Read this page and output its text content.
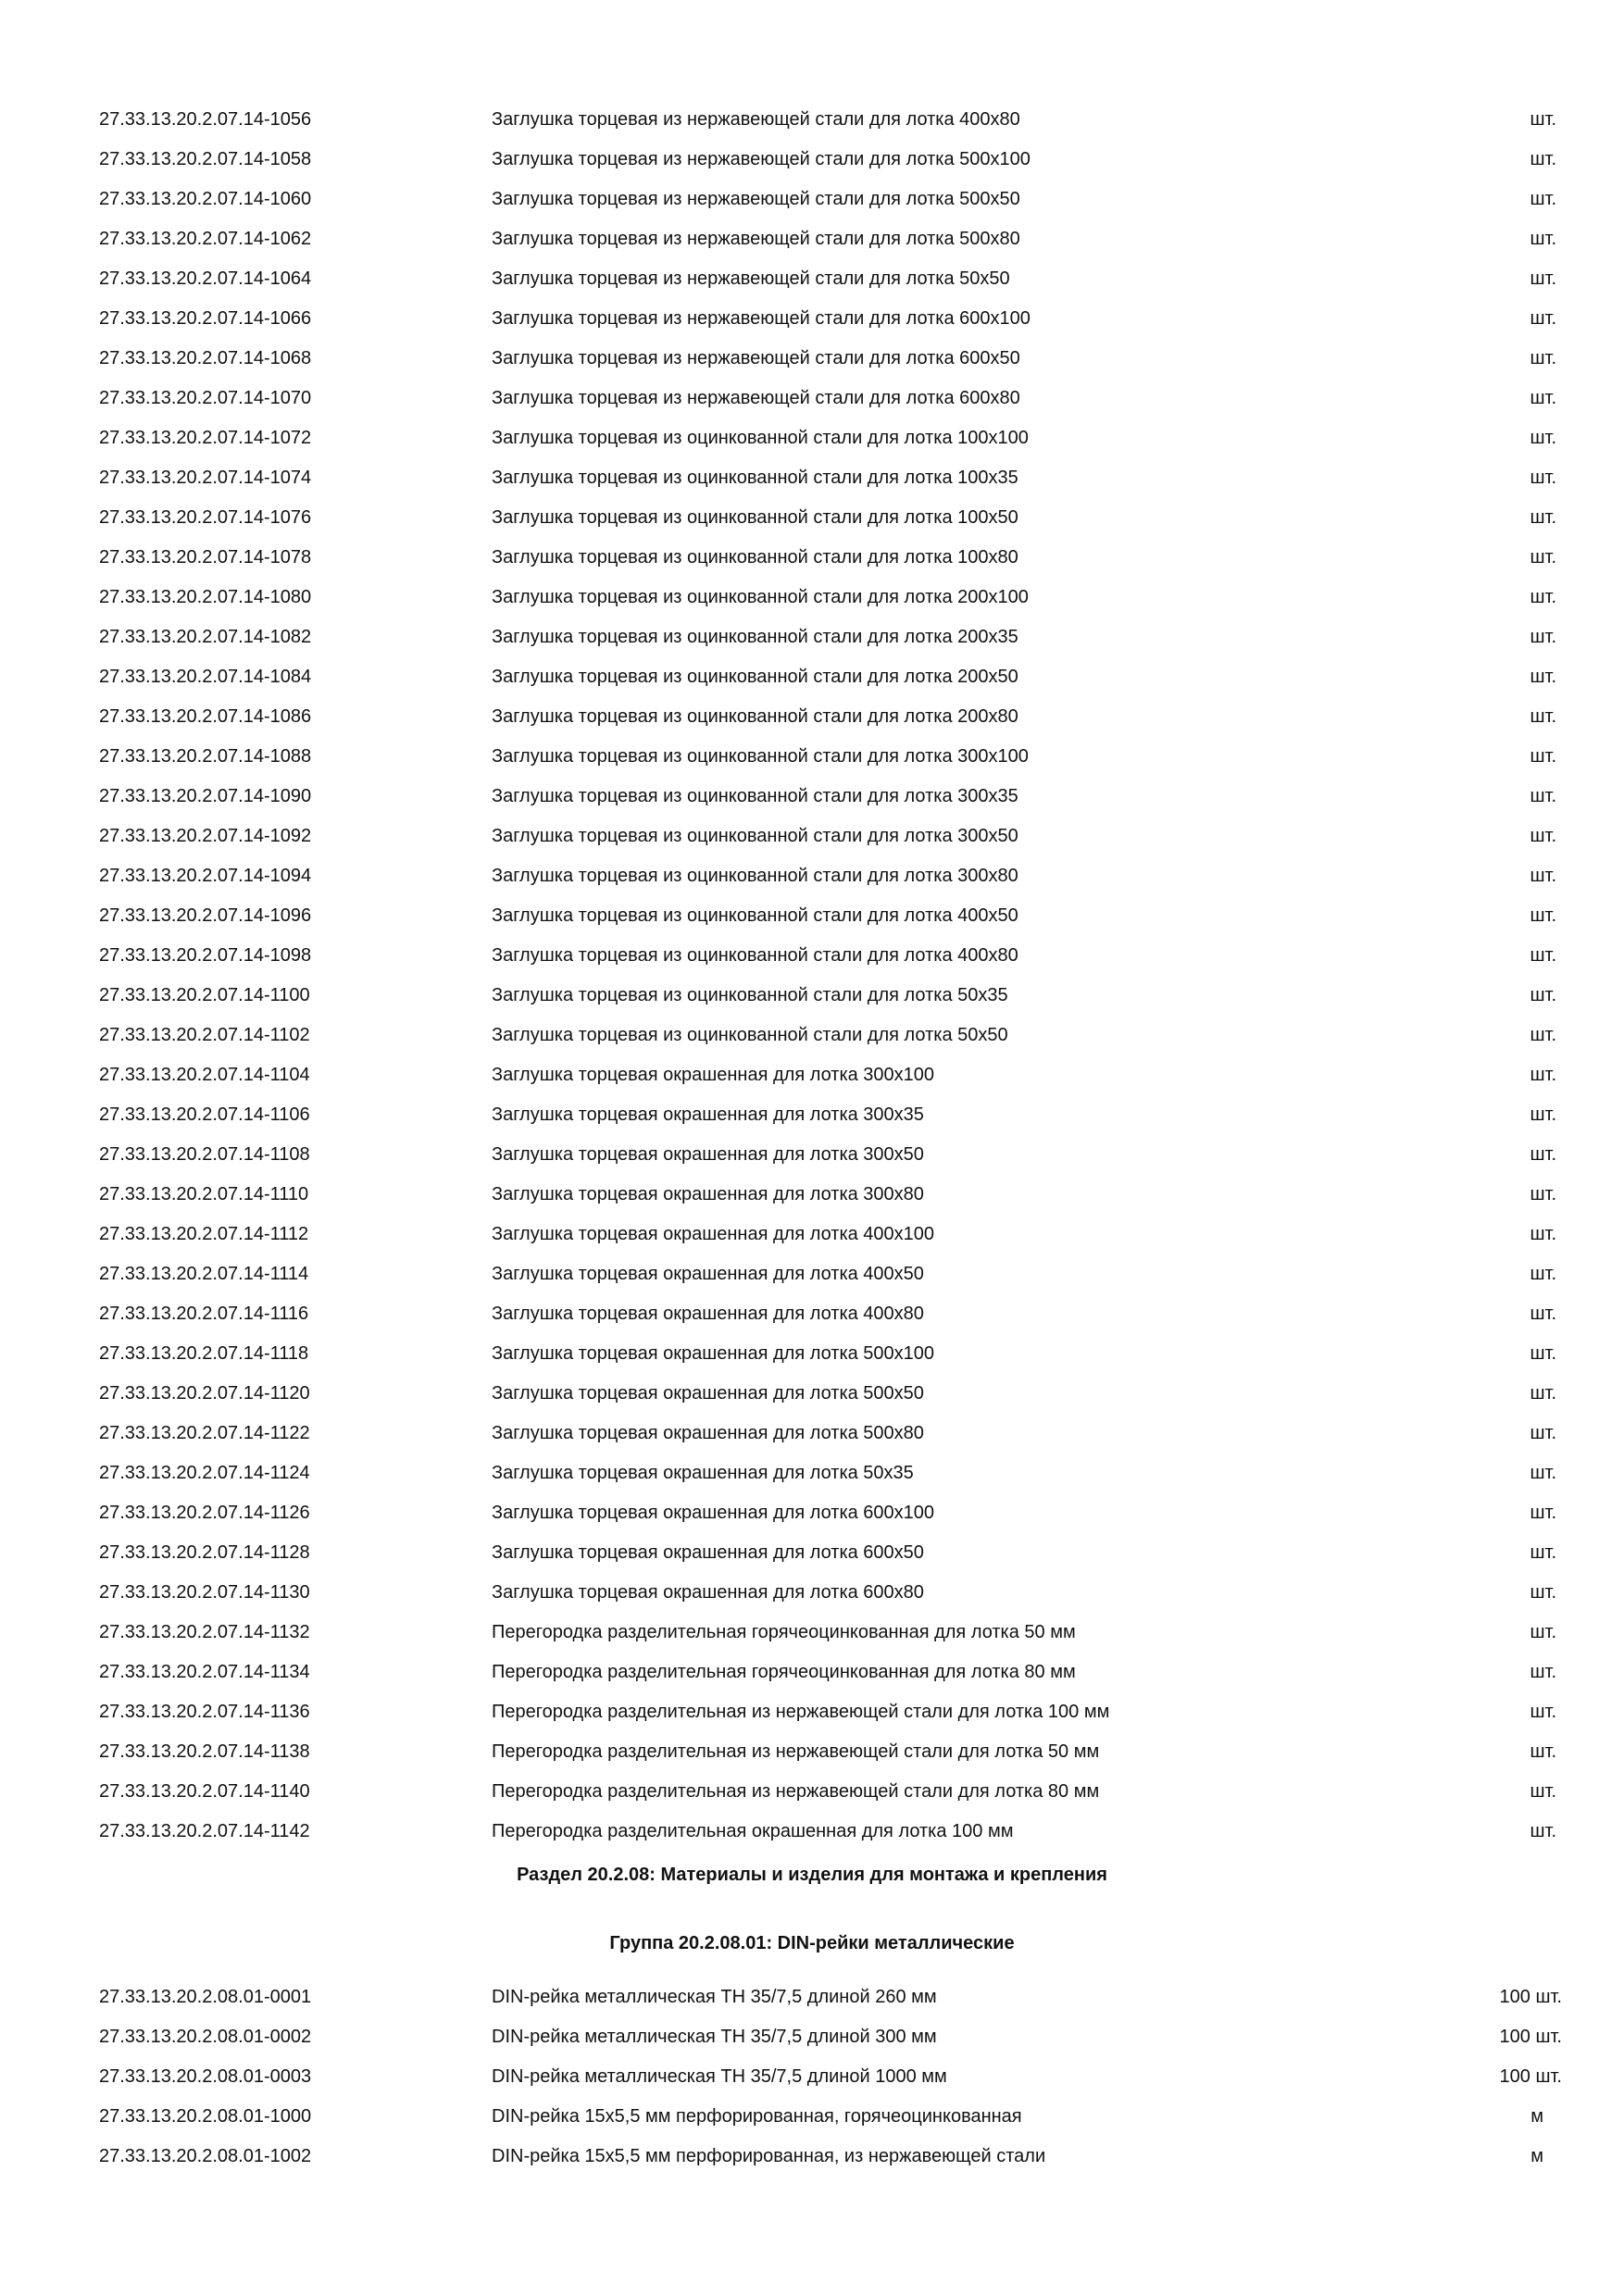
27.33.13.20.2.07.14-1056	Заглушка торцевая из нержавеющей стали для лотка 400х80	шт.
27.33.13.20.2.07.14-1058	Заглушка торцевая из нержавеющей стали для лотка 500х100	шт.
27.33.13.20.2.07.14-1060	Заглушка торцевая из нержавеющей стали для лотка 500х50	шт.
27.33.13.20.2.07.14-1062	Заглушка торцевая из нержавеющей стали для лотка 500х80	шт.
27.33.13.20.2.07.14-1064	Заглушка торцевая из нержавеющей стали для лотка 50х50	шт.
27.33.13.20.2.07.14-1066	Заглушка торцевая из нержавеющей стали для лотка 600х100	шт.
27.33.13.20.2.07.14-1068	Заглушка торцевая из нержавеющей стали для лотка 600х50	шт.
27.33.13.20.2.07.14-1070	Заглушка торцевая из нержавеющей стали для лотка 600х80	шт.
27.33.13.20.2.07.14-1072	Заглушка торцевая из оцинкованной стали для лотка 100х100	шт.
27.33.13.20.2.07.14-1074	Заглушка торцевая из оцинкованной стали для лотка 100х35	шт.
27.33.13.20.2.07.14-1076	Заглушка торцевая из оцинкованной стали для лотка 100х50	шт.
27.33.13.20.2.07.14-1078	Заглушка торцевая из оцинкованной стали для лотка 100х80	шт.
27.33.13.20.2.07.14-1080	Заглушка торцевая из оцинкованной стали для лотка 200х100	шт.
27.33.13.20.2.07.14-1082	Заглушка торцевая из оцинкованной стали для лотка 200х35	шт.
27.33.13.20.2.07.14-1084	Заглушка торцевая из оцинкованной стали для лотка 200х50	шт.
27.33.13.20.2.07.14-1086	Заглушка торцевая из оцинкованной стали для лотка 200х80	шт.
27.33.13.20.2.07.14-1088	Заглушка торцевая из оцинкованной стали для лотка 300х100	шт.
27.33.13.20.2.07.14-1090	Заглушка торцевая из оцинкованной стали для лотка 300х35	шт.
27.33.13.20.2.07.14-1092	Заглушка торцевая из оцинкованной стали для лотка 300х50	шт.
27.33.13.20.2.07.14-1094	Заглушка торцевая из оцинкованной стали для лотка 300х80	шт.
27.33.13.20.2.07.14-1096	Заглушка торцевая из оцинкованной стали для лотка 400х50	шт.
27.33.13.20.2.07.14-1098	Заглушка торцевая из оцинкованной стали для лотка 400х80	шт.
27.33.13.20.2.07.14-1100	Заглушка торцевая из оцинкованной стали для лотка 50х35	шт.
27.33.13.20.2.07.14-1102	Заглушка торцевая из оцинкованной стали для лотка 50х50	шт.
27.33.13.20.2.07.14-1104	Заглушка торцевая окрашенная для лотка 300х100	шт.
27.33.13.20.2.07.14-1106	Заглушка торцевая окрашенная для лотка 300х35	шт.
27.33.13.20.2.07.14-1108	Заглушка торцевая окрашенная для лотка 300х50	шт.
27.33.13.20.2.07.14-1110	Заглушка торцевая окрашенная для лотка 300х80	шт.
27.33.13.20.2.07.14-1112	Заглушка торцевая окрашенная для лотка 400х100	шт.
27.33.13.20.2.07.14-1114	Заглушка торцевая окрашенная для лотка 400х50	шт.
27.33.13.20.2.07.14-1116	Заглушка торцевая окрашенная для лотка 400х80	шт.
27.33.13.20.2.07.14-1118	Заглушка торцевая окрашенная для лотка 500х100	шт.
27.33.13.20.2.07.14-1120	Заглушка торцевая окрашенная для лотка 500х50	шт.
27.33.13.20.2.07.14-1122	Заглушка торцевая окрашенная для лотка 500х80	шт.
27.33.13.20.2.07.14-1124	Заглушка торцевая окрашенная для лотка 50х35	шт.
27.33.13.20.2.07.14-1126	Заглушка торцевая окрашенная для лотка 600х100	шт.
27.33.13.20.2.07.14-1128	Заглушка торцевая окрашенная для лотка 600х50	шт.
27.33.13.20.2.07.14-1130	Заглушка торцевая окрашенная для лотка 600х80	шт.
27.33.13.20.2.07.14-1132	Перегородка разделительная горячеоцинкованная для лотка 50 мм	шт.
27.33.13.20.2.07.14-1134	Перегородка разделительная горячеоцинкованная для лотка 80 мм	шт.
27.33.13.20.2.07.14-1136	Перегородка разделительная из нержавеющей стали для лотка 100 мм	шт.
27.33.13.20.2.07.14-1138	Перегородка разделительная из нержавеющей стали для лотка 50 мм	шт.
27.33.13.20.2.07.14-1140	Перегородка разделительная из нержавеющей стали для лотка 80 мм	шт.
27.33.13.20.2.07.14-1142	Перегородка разделительная окрашенная для лотка 100 мм	шт.
Раздел 20.2.08: Материалы и изделия для монтажа и крепления
Группа 20.2.08.01: DIN-рейки металлические
27.33.13.20.2.08.01-0001	DIN-рейка металлическая ТН 35/7,5 длиной 260 мм	100 шт.
27.33.13.20.2.08.01-0002	DIN-рейка металлическая ТН 35/7,5 длиной 300 мм	100 шт.
27.33.13.20.2.08.01-0003	DIN-рейка металлическая ТН 35/7,5 длиной 1000 мм	100 шт.
27.33.13.20.2.08.01-1000	DIN-рейка 15х5,5 мм перфорированная, горячеоцинкованная	м
27.33.13.20.2.08.01-1002	DIN-рейка 15х5,5 мм перфорированная, из нержавеющей стали	м
